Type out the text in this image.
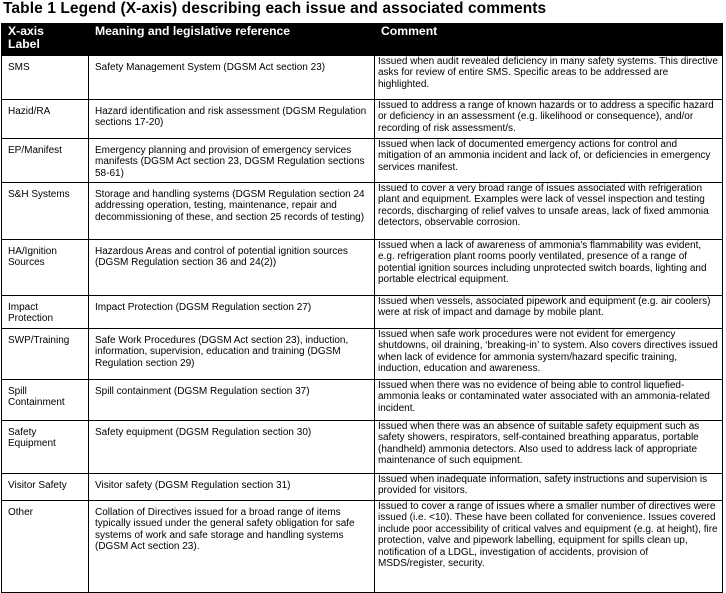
Table 1 Legend (X-axis) describing each issue and associated comments
X-axis
Label	Meaning and legislative reference	Comment
SMS	Safety Management System (DGSM Act section 23)	Issued when audit revealed deficiency in many safety systems. This directive asks for review of entire SMS. Specific areas to be addressed are highlighted.
Hazid/RA	Hazard identification and risk assessment (DGSM Regulation sections 17-20)	Issued to address a range of known hazards or to address a specific hazard or deficiency in an assessment (e.g. likelihood or consequence), and/or recording of risk assessment/s.
EP/Manifest	Emergency planning and provision of emergency services manifests (DGSM Act section 23, DGSM Regulation sections 58-61)	Issued when lack of documented emergency actions for control and mitigation of an ammonia incident and lack of, or deficiencies in emergency services manifest.
S&H Systems	Storage and handling systems (DGSM Regulation section 24 addressing operation, testing, maintenance, repair and decommissioning of these, and section 25 records of testing)	Issued to cover a very broad range of issues associated with refrigeration plant and equipment. Examples were lack of vessel inspection and testing records, discharging of relief valves to unsafe areas, lack of fixed ammonia detectors, observable corrosion.
HA/Ignition Sources	Hazardous Areas and control of potential ignition sources (DGSM Regulation section 36 and 24(2))	Issued when a lack of awareness of ammonia's flammability was evident, e.g. refrigeration plant rooms poorly ventilated, presence of a range of potential ignition sources including unprotected switch boards, lighting and portable electrical equipment.
Impact Protection	Impact Protection (DGSM Regulation section 27)	Issued when vessels, associated pipework and equipment (e.g. air coolers) were at risk of impact and damage by mobile plant.
SWP/Training	Safe Work Procedures (DGSM Act section 23), induction, information, supervision, education and training (DGSM Regulation section 29)	Issued when safe work procedures were not evident for emergency shutdowns, oil draining, ‘breaking-in’ to system. Also covers directives issued when lack of evidence for ammonia system/hazard specific training, induction, education and awareness.
Spill Containment	Spill containment (DGSM Regulation section 37)	Issued when there was no evidence of being able to control liquefied-ammonia leaks or contaminated water associated with an ammonia-related incident.
Safety Equipment	Safety equipment (DGSM Regulation section 30)	Issued when there was an absence of suitable safety equipment such as safety showers, respirators, self-contained breathing apparatus, portable (handheld) ammonia detectors. Also used to address lack of appropriate maintenance of such equipment.
Visitor Safety	Visitor safety (DGSM Regulation section 31)	Issued when inadequate information, safety instructions and supervision is provided for visitors.
Other	Collation of Directives issued for a broad range of items typically issued under the general safety obligation for safe systems of work and safe storage and handling systems (DGSM Act section 23).	Issued to cover a range of issues where a smaller number of directives were issued (i.e. <10). These have been collated for convenience. Issues covered include poor accessibility of critical valves and equipment (e.g. at height), fire protection, valve and pipework labelling, equipment for spills clean up, notification of a LDGL, investigation of accidents, provision of MSDS/register, security.
